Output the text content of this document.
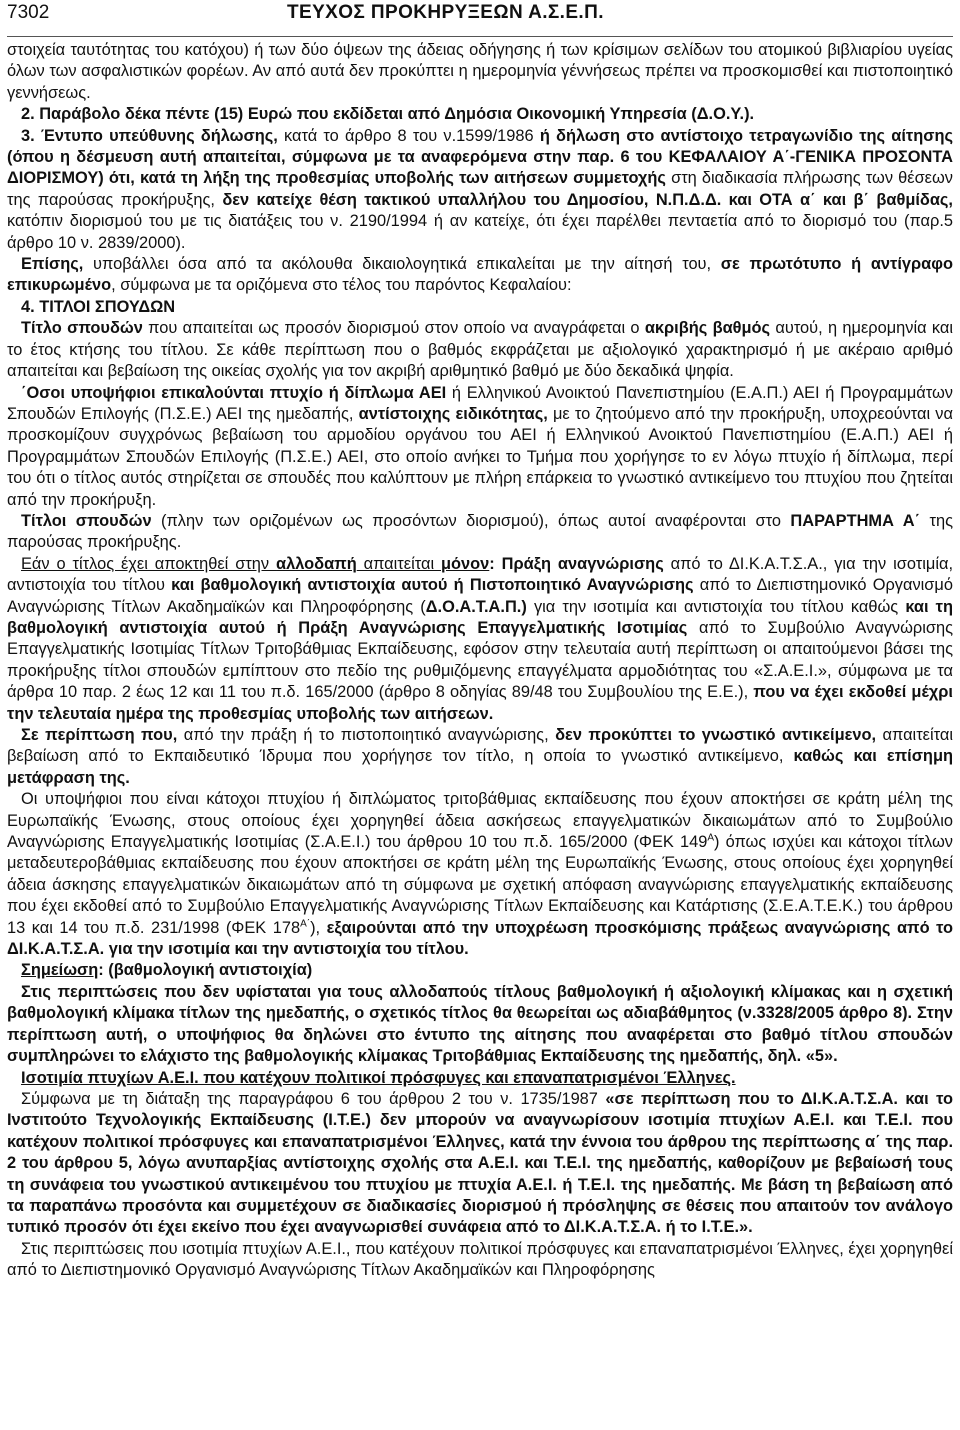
7302	ΤΕΥΧΟΣ ΠΡΟΚΗΡΥΞΕΩΝ Α.Σ.Ε.Π.

στοιχεία ταυτότητας του κατόχου) ή των δύο όψεων της άδειας οδήγησης ή των κρίσιμων σελίδων του ατομικού βιβλιαρίου υγείας όλων των ασφαλιστικών φορέων. Αν από αυτά δεν προκύπτει η ημερομηνία γέννήσεως πρέπει να προσκομισθεί και πιστοποιητικό γεννήσεως.

2. Παράβολο δέκα πέντε (15) Ευρώ που εκδίδεται από Δημόσια Οικονομική Υπηρεσία (Δ.Ο.Υ.).

3. Έντυπο υπεύθυνης δήλωσης, κατά το άρθρο 8 του ν.1599/1986 ή δήλωση στο αντίστοιχο τετραγωνίδιο της αίτησης (όπου η δέσμευση αυτή απαιτείται, σύμφωνα με τα αναφερόμενα στην παρ. 6 του ΚΕΦΑΛΑΙΟΥ Α΄-ΓΕΝΙΚΑ ΠΡΟΣΟΝΤΑ ΔΙΟΡΙΣΜΟΥ) ότι, κατά τη λήξη της προθεσμίας υποβολής των αιτήσεων συμμετοχής στη διαδικασία πλήρωσης των θέσεων της παρούσας προκήρυξης, δεν κατείχε θέση τακτικού υπαλλήλου του Δημοσίου, Ν.Π.Δ.Δ. και ΟΤΑ α΄ και β΄ βαθμίδας, κατόπιν διορισμού του με τις διατάξεις του ν. 2190/1994 ή αν κατείχε, ότι έχει παρέλθει πενταετία από το διορισμό του (παρ.5 άρθρο 10 ν. 2839/2000).

Επίσης, υποβάλλει όσα από τα ακόλουθα δικαιολογητικά επικαλείται με την αίτησή του, σε πρωτότυπο ή αντίγραφο επικυρωμένο, σύμφωνα με τα οριζόμενα στο τέλος του παρόντος Κεφαλαίου:

4. ΤΙΤΛΟΙ ΣΠΟΥΔΩΝ

Τίτλο σπουδών που απαιτείται ως προσόν διορισμού στον οποίο να αναγράφεται ο ακριβής βαθμός αυτού, η ημερομηνία και το έτος κτήσης του τίτλου. Σε κάθε περίπτωση που ο βαθμός εκφράζεται με αξιολογικό χαρακτηρισμό ή με ακέραιο αριθμό απαιτείται και βεβαίωση της οικείας σχολής για τον ακριβή αριθμητικό βαθμό με δύο δεκαδικά ψηφία.

΄Οσοι υποψήφιοι επικαλούνται πτυχίο ή δίπλωμα ΑΕΙ ή Ελληνικού Ανοικτού Πανεπιστημίου (Ε.Α.Π.) ΑΕΙ ή Προγραμμάτων Σπουδών Επιλογής (Π.Σ.Ε.) ΑΕΙ της ημεδαπής, αντίστοιχης ειδικότητας, με το ζητούμενο από την προκήρυξη, υποχρεούνται να προσκομίζουν συγχρόνως βεβαίωση του αρμοδίου οργάνου του ΑΕΙ ή Ελληνικού Ανοικτού Πανεπιστημίου (Ε.Α.Π.) ΑΕΙ ή Προγραμμάτων Σπουδών Επιλογής (Π.Σ.Ε.) ΑΕΙ, στο οποίο ανήκει το Τμήμα που χορήγησε το εν λόγω πτυχίο ή δίπλωμα, περί του ότι ο τίτλος αυτός στηρίζεται σε σπουδές που καλύπτουν με πλήρη επάρκεια το γνωστικό αντικείμενο του πτυχίου που ζητείται από την προκήρυξη.

Τίτλοι σπουδών (πλην των οριζομένων ως προσόντων διορισμού), όπως αυτοί αναφέρονται στο ΠΑΡΑΡΤΗΜΑ Α΄ της παρούσας προκήρυξης.

Εάν ο τίτλος έχει αποκτηθεί στην αλλοδαπή απαιτείται μόνον: Πράξη αναγνώρισης από το ΔΙ.Κ.Α.Τ.Σ.Α., για την ισοτιμία, αντιστοιχία του τίτλου και βαθμολογική αντιστοιχία αυτού ή Πιστοποιητικό Αναγνώρισης από το Διεπιστημονικό Οργανισμό Αναγνώρισης Τίτλων Ακαδημαϊκών και Πληροφόρησης (Δ.Ο.Α.Τ.Α.Π.) για την ισοτιμία και αντιστοιχία του τίτλου καθώς και τη βαθμολογική αντιστοιχία αυτού ή Πράξη Αναγνώρισης Επαγγελματικής Ισοτιμίας από το Συμβούλιο Αναγνώρισης Επαγγελματικής Ισοτιμίας Τίτλων Τριτοβάθμιας Εκπαίδευσης, εφόσον στην τελευταία αυτή περίπτωση οι απαιτούμενοι βάσει της προκήρυξης τίτλοι σπουδών εμπίπτουν στο πεδίο της ρυθμιζόμενης επαγγέλματα αρμοδιότητας του «Σ.Α.Ε.Ι.», σύμφωνα με τα άρθρα 10 παρ. 2 έως 12 και 11 του π.δ. 165/2000 (άρθρο 8 οδηγίας 89/48 του Συμβουλίου της Ε.Ε.), που να έχει εκδοθεί μέχρι την τελευταία ημέρα της προθεσμίας υποβολής των αιτήσεων.

Σε περίπτωση που, από την πράξη ή το πιστοποιητικό αναγνώρισης, δεν προκύπτει το γνωστικό αντικείμενο, απαιτείται βεβαίωση από το Εκπαιδευτικό Ίδρυμα που χορήγησε τον τίτλο, η οποία το γνωστικό αντικείμενο, καθώς και επίσημη μετάφραση της.

Οι υποψήφιοι που είναι κάτοχοι πτυχίου ή διπλώματος τριτοβάθμιας εκπαίδευσης που έχουν αποκτήσει σε κράτη μέλη της Ευρωπαϊκής Ένωσης, στους οποίους έχει χορηγηθεί άδεια ασκήσεως επαγγελματικών δικαιωμάτων από το Συμβούλιο Αναγνώρισης Επαγγελματικής Ισοτιμίας (Σ.Α.Ε.Ι.) του άρθρου 10 του π.δ. 165/2000 (ΦΕΚ $149^A$) όπως ισχύει και κάτοχοι τίτλων μεταδευτεροβάθμιας εκπαίδευσης που έχουν αποκτήσει σε κράτη μέλη της Ευρωπαϊκής Ένωσης, στους οποίους έχει χορηγηθεί άδεια άσκησης επαγγελματικών δικαιωμάτων από τη σύμφωνα με σχετική απόφαση αναγνώρισης επαγγελματικής εκπαίδευσης που έχει εκδοθεί από το Συμβούλιο Επαγγελματικής Αναγνώρισης Τίτλων Εκπαίδευσης και Κατάρτισης (Σ.Ε.Α.Τ.Ε.Κ.) του άρθρου 13 και 14 του π.δ. 231/1998 (ΦΕΚ $178^{A΄}$), εξαιρούνται από την υποχρέωση προσκόμισης πράξεως αναγνώρισης από το ΔΙ.Κ.Α.Τ.Σ.Α. για την ισοτιμία και την αντιστοιχία του τίτλου.

Σημείωση: (βαθμολογική αντιστοιχία)

Στις περιπτώσεις που δεν υφίσταται για τους αλλοδαπούς τίτλους βαθμολογική ή αξιολογική κλίμακας και η σχετική βαθμολογική κλίμακα τίτλων της ημεδαπής, ο σχετικός τίτλος θα θεωρείται ως αδιαβάθμητος (ν.3328/2005 άρθρο 8). Στην περίπτωση αυτή, ο υποψήφιος θα δηλώνει στο έντυπο της αίτησης που αναφέρεται στο βαθμό τίτλου σπουδών συμπληρώνει το ελάχιστο της βαθμολογικής κλίμακας Τριτοβάθμιας Εκπαίδευσης της ημεδαπής, δηλ. «5».

Ισοτιμία πτυχίων Α.Ε.Ι. που κατέχουν πολιτικοί πρόσφυγες και επαναπατρισμένοι Έλληνες.

Σύμφωνα με τη διάταξη της παραγράφου 6 του άρθρου 2 του ν. 1735/1987 «σε περίπτωση που το ΔΙ.Κ.Α.Τ.Σ.Α. και το Ινστιτούτο Τεχνολογικής Εκπαίδευσης (Ι.Τ.Ε.) δεν μπορούν να αναγνωρίσουν ισοτιμία πτυχίων Α.Ε.Ι. και Τ.Ε.Ι. που κατέχουν πολιτικοί πρόσφυγες και επαναπατρισμένοι Έλληνες, κατά την έννοια του άρθρου της περίπτωσης α΄ της παρ. 2 του άρθρου 5, λόγω ανυπαρξίας αντίστοιχης σχολής στα Α.Ε.Ι. και Τ.Ε.Ι. της ημεδαπής, καθορίζουν με βεβαίωσή τους τη συνάφεια του γνωστικού αντικειμένου του πτυχίου με πτυχία Α.Ε.Ι. ή Τ.Ε.Ι. της ημεδαπής. Με βάση τη βεβαίωση από τα παραπάνω προσόντα και συμμετέχουν σε διαδικασίες διορισμού ή πρόσληψης σε θέσεις που απαιτούν τον ανάλογο τυπικό προσόν ότι έχει εκείνο που έχει αναγνωρισθεί συνάφεια από το ΔΙ.Κ.Α.Τ.Σ.Α. ή το Ι.Τ.Ε.».

Στις περιπτώσεις που ισοτιμία πτυχίων Α.Ε.Ι., που κατέχουν πολιτικοί πρόσφυγες και επαναπατρισμένοι Έλληνες, έχει χορηγηθεί από το Διεπιστημονικό Οργανισμό Αναγνώρισης Τίτλων Ακαδημαϊκών και Πληροφόρησης
